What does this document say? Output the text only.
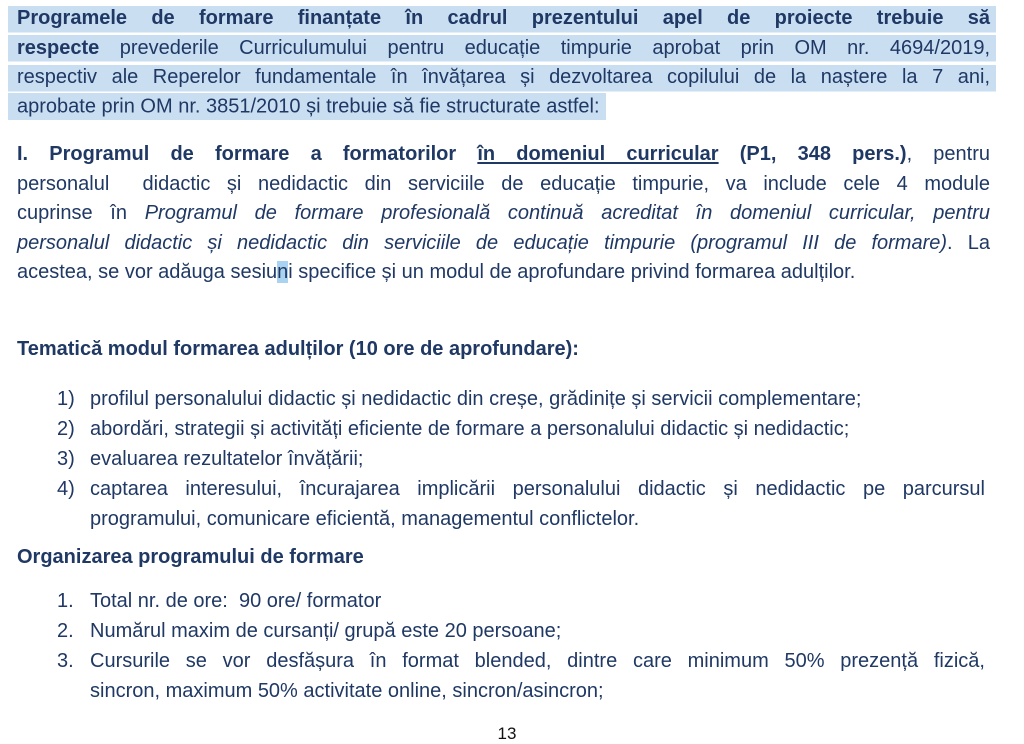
Programele de formare finanțate în cadrul prezentului apel de proiecte trebuie să
respecte prevederile Curriculumului pentru educație timpurie aprobat prin OM nr. 4694/2019,
respectiv ale Reperelor fundamentale în învățarea și dezvoltarea copilului de la naștere la 7 ani,
aprobate prin OM nr. 3851/2010 și trebuie să fie structurate astfel:
I. Programul de formare a formatorilor în domeniul curricular (P1, 348 pers.), pentru
personalul  didactic și nedidactic din serviciile de educație timpurie, va include cele 4 module
cuprinse în Programul de formare profesională continuă acreditat în domeniul curricular, pentru
personalul didactic și nedidactic din serviciile de educație timpurie (programul III de formare). La
acestea, se vor adăuga sesiuni specifice și un modul de aprofundare privind formarea adulților.
Tematică modul formarea adulților (10 ore de aprofundare):
1) profilul personalului didactic și nedidactic din creșe, grădinițe și servicii complementare;
2) abordări, strategii și activități eficiente de formare a personalului didactic și nedidactic;
3) evaluarea rezultatelor învățării;
4) captarea interesului, încurajarea implicării personalului didactic și nedidactic pe parcursul
programului, comunicare eficientă, managementul conflictelor.
Organizarea programului de formare
1. Total nr. de ore:  90 ore/ formator
2. Numărul maxim de cursanți/ grupă este 20 persoane;
3. Cursurile se vor desfășura în format blended, dintre care minimum 50% prezență fizică,
sincron, maximum 50% activitate online, sincron/asincron;
13
